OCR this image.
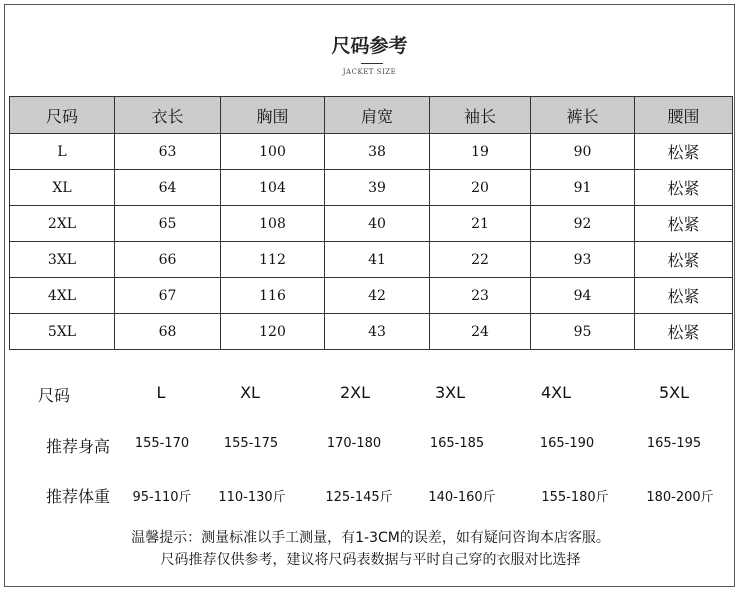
尺码参考
JACKET SIZE
尺码	衣长	胸围	肩宽	袖长	裤长	腰围
L	63	100	38	19	90	松紧
XL	64	104	39	20	91	松紧
2XL	65	108	40	21	92	松紧
3XL	66	112	41	22	93	松紧
4XL	67	116	42	23	94	松紧
5XL	68	120	43	24	95	松紧
尺码	L	XL	2XL	3XL	4XL	5XL
推荐身高	155-170	155-175	170-180	165-185	165-190	165-195
推荐体重	95-110斤	110-130斤	125-145斤	140-160斤	155-180斤	180-200斤
温馨提示：测量标准以手工测量，有1-3CM的误差，如有疑问咨询本店客服。
尺码推荐仅供参考，建议将尺码表数据与平时自己穿的衣服对比选择
